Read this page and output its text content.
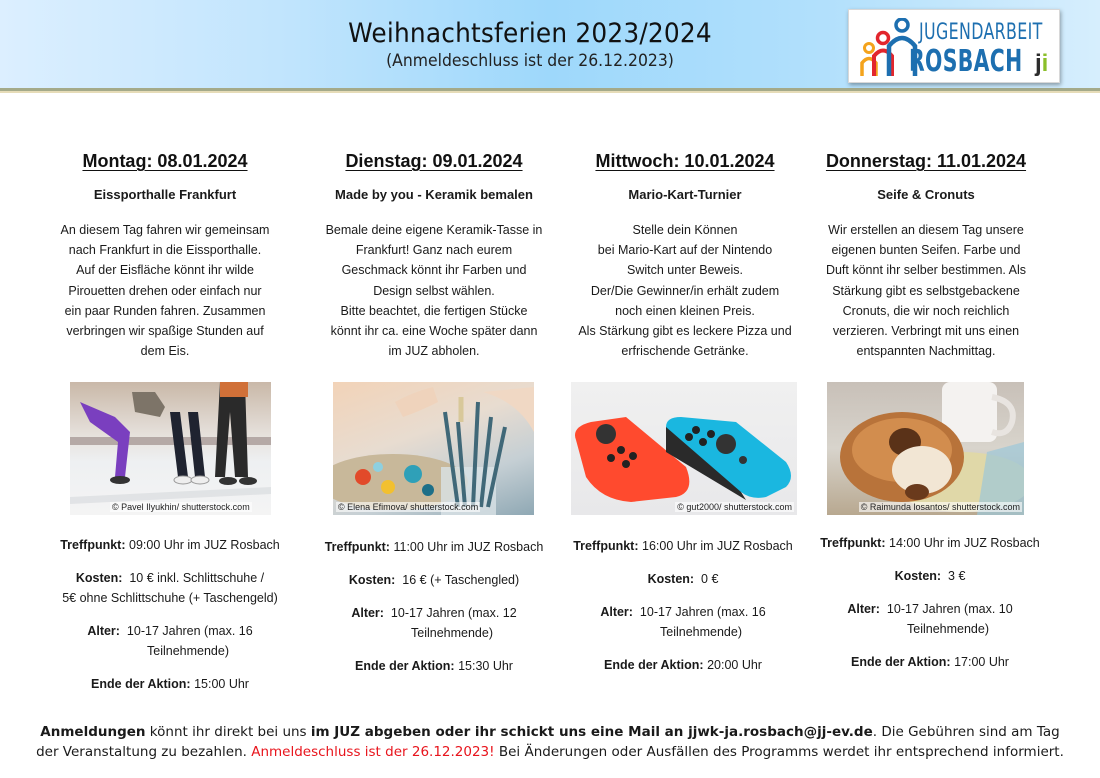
Weihnachtsferien 2023/2024
(Anmeldeschluss ist der 26.12.2023)
JUGENDARBEIT
ROSBACH ji
Montag: 08.01.2024
Eissporthalle Frankfurt
An diesem Tag fahren wir gemeinsam
nach Frankfurt in die Eissporthalle.
Auf der Eisfläche könnt ihr wilde
Pirouetten drehen oder einfach nur
ein paar Runden fahren. Zusammen
verbringen wir spaßige Stunden auf
dem Eis.
Dienstag: 09.01.2024
Made by you - Keramik bemalen
Bemale deine eigene Keramik-Tasse in
Frankfurt! Ganz nach eurem
Geschmack könnt ihr Farben und
Design selbst wählen.
Bitte beachtet, die fertigen Stücke
könnt ihr ca. eine Woche später dann
im JUZ abholen.
Mittwoch: 10.01.2024
Mario-Kart-Turnier
Stelle dein Können
bei Mario-Kart auf der Nintendo
Switch unter Beweis.
Der/Die Gewinner/in erhält zudem
noch einen kleinen Preis.
Als Stärkung gibt es leckere Pizza und
erfrischende Getränke.
Donnerstag: 11.01.2024
Seife & Cronuts
Wir erstellen an diesem Tag unsere
eigenen bunten Seifen. Farbe und
Duft könnt ihr selber bestimmen. Als
Stärkung gibt es selbstgebackene
Cronuts, die wir noch reichlich
verzieren. Verbringt mit uns einen
entspannten Nachmittag.
© Pavel Ilyukhin/ shutterstock.com	© Elena Efimova/ shutterstock.com	© gut2000/ shutterstock.com	© Raimunda losantos/ shutterstock.com
Treffpunkt: 09:00 Uhr im JUZ Rosbach
Kosten: 10 € inkl. Schlittschuhe /
5€ ohne Schlittschuhe (+ Taschengeld)
Alter: 10-17 Jahren (max. 16
Teilnehmende)
Ende der Aktion: 15:00 Uhr
Treffpunkt: 11:00 Uhr im JUZ Rosbach
Kosten: 16 € (+ Taschengled)
Alter: 10-17 Jahren (max. 12
Teilnehmende)
Ende der Aktion: 15:30 Uhr
Treffpunkt: 16:00 Uhr im JUZ Rosbach
Kosten: 0 €
Alter: 10-17 Jahren (max. 16
Teilnehmende)
Ende der Aktion: 20:00 Uhr
Treffpunkt: 14:00 Uhr im JUZ Rosbach
Kosten: 3 €
Alter: 10-17 Jahren (max. 10
Teilnehmende)
Ende der Aktion: 17:00 Uhr
Anmeldungen könnt ihr direkt bei uns im JUZ abgeben oder ihr schickt uns eine Mail an jjwk-ja.rosbach@jj-ev.de. Die Gebühren sind am Tag der Veranstaltung zu bezahlen. Anmeldeschluss ist der 26.12.2023! Bei Änderungen oder Ausfällen des Programms werdet ihr entsprechend informiert.
